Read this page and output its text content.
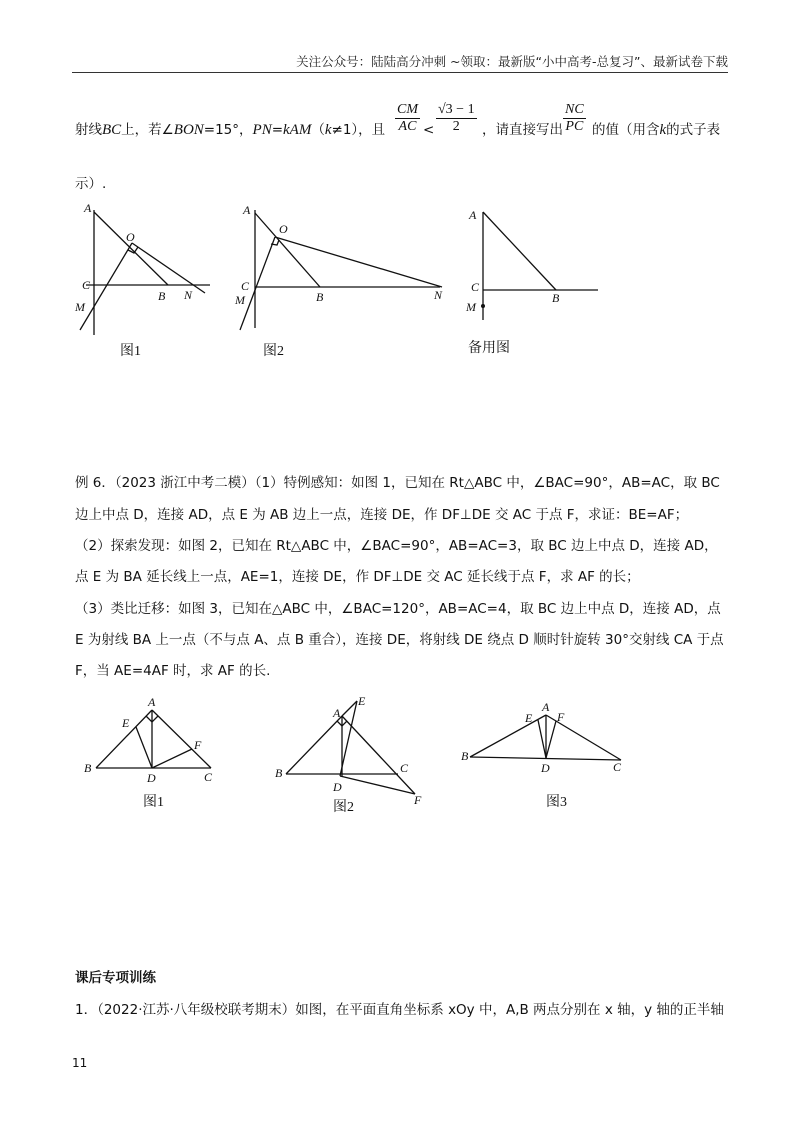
关注公众号：陆陆高分冲刺 ~领取：最新版“小中高考-总复习”、最新试卷下载
射线BC上，若∠BON=15°，PN=kAM（k≠1），且 $\frac{CM}{AC} < \frac{√3 - 1}{2}$ ，请直接写出 $\frac{NC}{PC}$ 的值（用含k的式子表
示）.
A
O
C
B N
M
A
O
C
B	N
M
A
C
B
M
图1	图2	备用图
例 6．（2023 浙江中考二模）（1）特例感知：如图 1，已知在 Rt△ABC 中，∠BAC=90°，AB=AC，取 BC
边上中点 D，连接 AD，点 E 为 AB 边上一点，连接 DE，作 DF⊥DE 交 AC 于点 F，求证：BE=AF；
（2）探索发现：如图 2，已知在 Rt△ABC 中，∠BAC=90°，AB=AC=3，取 BC 边上中点 D，连接 AD，
点 E 为 BA 延长线上一点，AE=1，连接 DE，作 DF⊥DE 交 AC 延长线于点 F，求 AF 的长；
（3）类比迁移：如图 3，已知在△ABC 中，∠BAC=120°，AB=AC=4，取 BC 边上中点 D，连接 AD，点
E 为射线 BA 上一点（不与点 A、点 B 重合），连接 DE，将射线 DE 绕点 D 顺时针旋转 30°交射线 CA 于点
F，当 AE=4AF 时，求 AF 的长.
A
E
F
B
D	C
A
E
B
D
C
F
E
A
F
B
D	C
图1	图2	图3
课后专项训练
1．（2022·江苏·八年级校联考期末）如图，在平面直角坐标系 xOy 中，A,B 两点分别在 x 轴，y 轴的正半轴
11
